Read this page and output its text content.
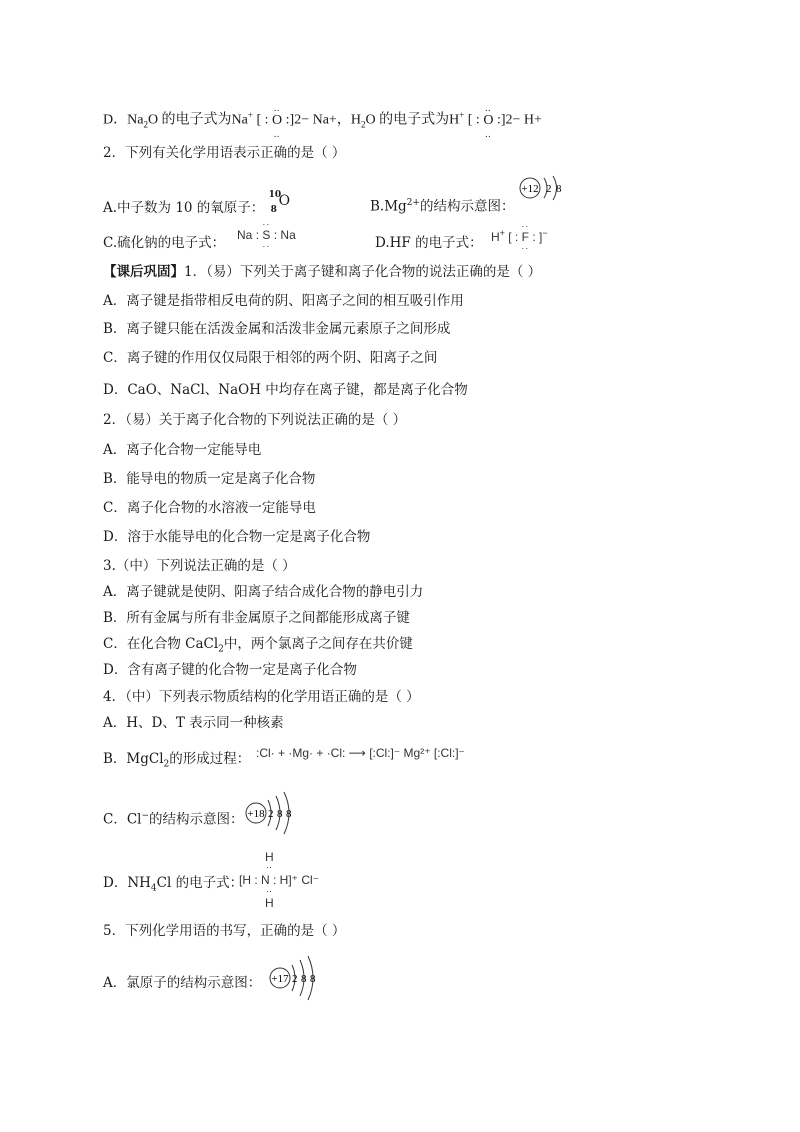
D．$Na_2O$ 的电子式为Na+ [ :
‥
O
‥
:]2− Na+，$H_2O$ 的电子式为H+ [ :
‥
O
‥
:]2− H+
2．下列有关化学用语表示正确的是（ ）
A.中子数为 10 的氧原子：
10
8
O	$B.Mg^{2+}$的结构示意图：
+12 2 8
C.硫化钠的电子式： Na :
··
S
··
: Na	D.HF 的电子式： H+ [ :
··
F
··
: ]−
【课后巩固】1．（易）下列关于离子键和离子化合物的说法正确的是（ ）
A．离子键是指带相反电荷的阴、阳离子之间的相互吸引作用
B．离子键只能在活泼金属和活泼非金属元素原子之间形成
C．离子键的作用仅仅局限于相邻的两个阴、阳离子之间
D．CaO、NaCl、NaOH 中均存在离子键，都是离子化合物
2．（易）关于离子化合物的下列说法正确的是（ ）
A．离子化合物一定能导电
B．能导电的物质一定是离子化合物
C．离子化合物的水溶液一定能导电
D．溶于水能导电的化合物一定是离子化合物
3.（中）下列说法正确的是（ ）
A．离子键就是使阴、阳离子结合成化合物的静电引力
B．所有金属与所有非金属原子之间都能形成离子键
C．在化合物 CaCl$_2$中，两个氯离子之间存在共价键
D．含有离子键的化合物一定是离子化合物
4．（中）下列表示物质结构的化学用语正确的是（ ）
A．H、D、T 表示同一种核素
B．MgCl$_2$的形成过程： :Cl· + ·Mg· + ·Cl: ⟶ [:Cl:]⁻ Mg²⁺ [:Cl:]⁻
C．Cl−的结构示意图： +18 2 8 8
D．$NH_4Cl$ 的电子式：
H
··
[H : N : H]⁺ Cl⁻
··
H
5．下列化学用语的书写，正确的是（ ）
A．氯原子的结构示意图： +17 2 8 8
